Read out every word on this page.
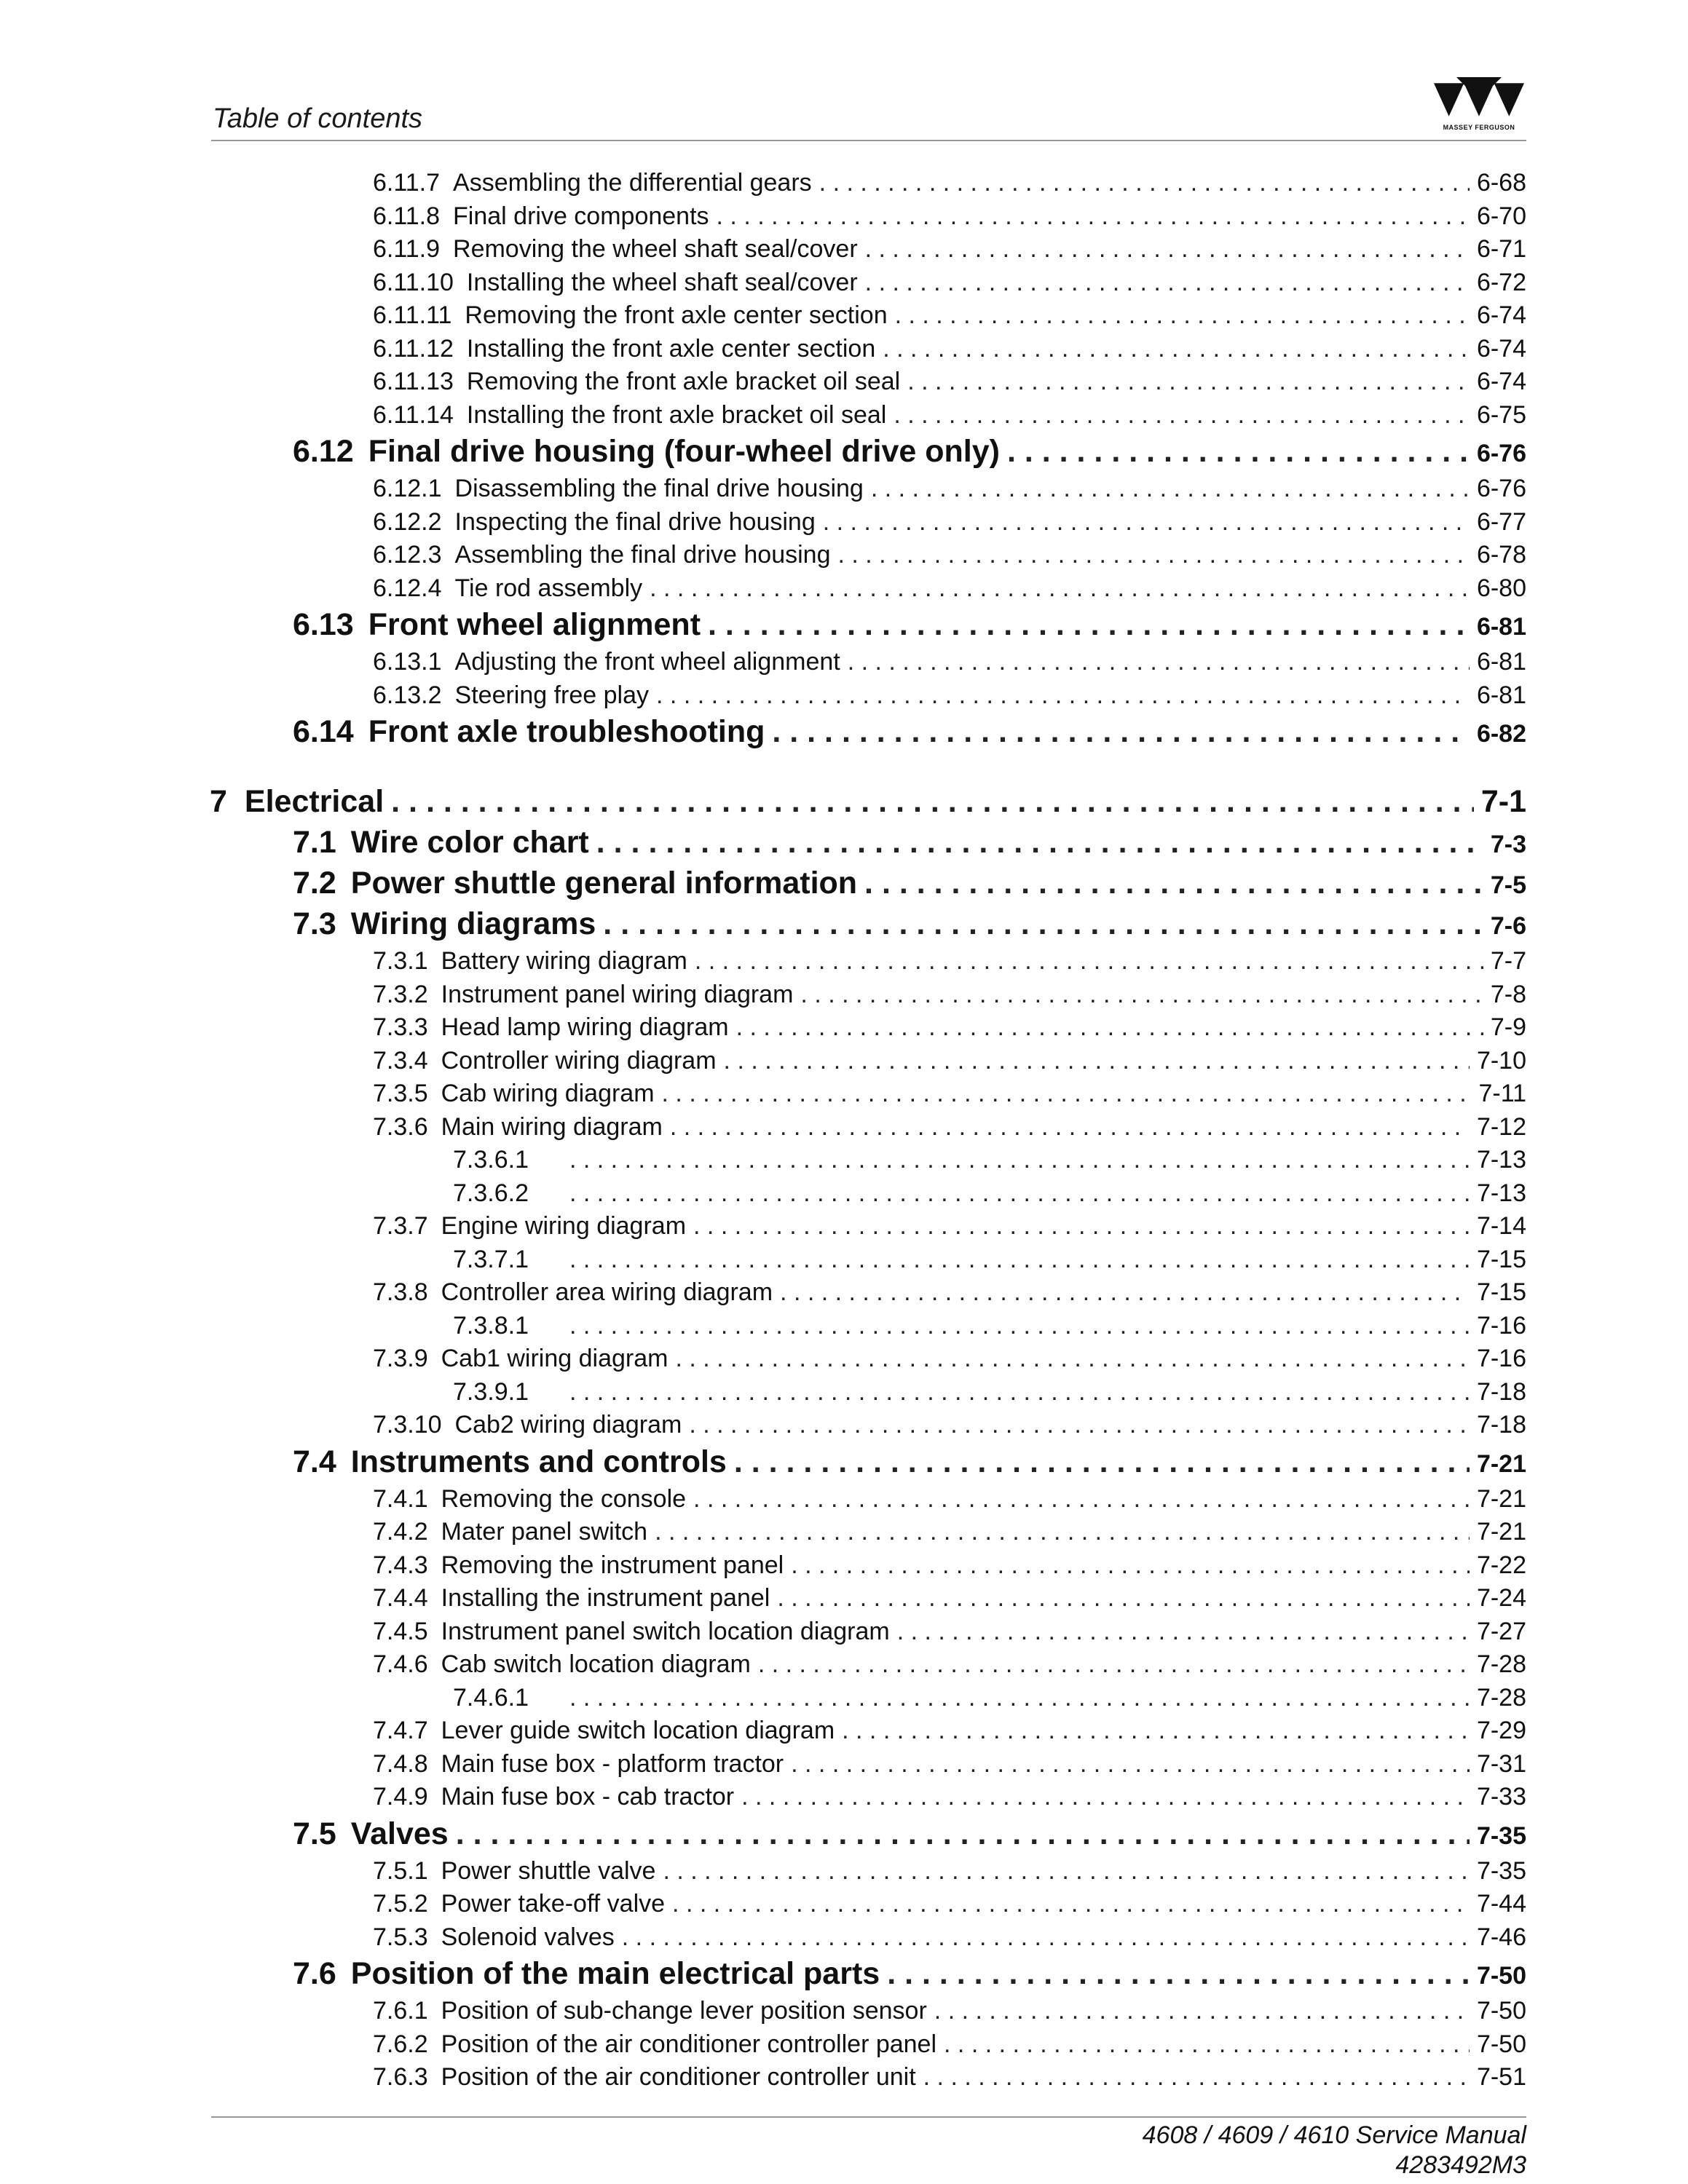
Table of contents	MASSEY FERGUSON
6.11.7 Assembling the differential gears . . .	6-68
6.11.8 Final drive components . . .	6-70
6.11.9 Removing the wheel shaft seal/cover . . .	6-71
6.11.10 Installing the wheel shaft seal/cover . . .	6-72
6.11.11 Removing the front axle center section . . .	6-74
6.11.12 Installing the front axle center section . . .	6-74
6.11.13 Removing the front axle bracket oil seal . . .	6-74
6.11.14 Installing the front axle bracket oil seal . . .	6-75
6.12 Final drive housing (four-wheel drive only) . . .	6-76
6.12.1 Disassembling the final drive housing . . .	6-76
6.12.2 Inspecting the final drive housing . . .	6-77
6.12.3 Assembling the final drive housing . . .	6-78
6.12.4 Tie rod assembly . . .	6-80
6.13 Front wheel alignment . . .	6-81
6.13.1 Adjusting the front wheel alignment . . .	6-81
6.13.2 Steering free play . . .	6-81
6.14 Front axle troubleshooting . . .	6-82
7 Electrical . . .	7-1
7.1 Wire color chart . . .	7-3
7.2 Power shuttle general information . . .	7-5
7.3 Wiring diagrams . . .	7-6
7.3.1 Battery wiring diagram . . .	7-7
7.3.2 Instrument panel wiring diagram . . .	7-8
7.3.3 Head lamp wiring diagram . . .	7-9
7.3.4 Controller wiring diagram . . .	7-10
7.3.5 Cab wiring diagram . . .	7-11
7.3.6 Main wiring diagram . . .	7-12
7.3.6.1 . . .	7-13
7.3.6.2 . . .	7-13
7.3.7 Engine wiring diagram . . .	7-14
7.3.7.1 . . .	7-15
7.3.8 Controller area wiring diagram . . .	7-15
7.3.8.1 . . .	7-16
7.3.9 Cab1 wiring diagram . . .	7-16
7.3.9.1 . . .	7-18
7.3.10 Cab2 wiring diagram . . .	7-18
7.4 Instruments and controls . . .	7-21
7.4.1 Removing the console . . .	7-21
7.4.2 Mater panel switch . . .	7-21
7.4.3 Removing the instrument panel . . .	7-22
7.4.4 Installing the instrument panel . . .	7-24
7.4.5 Instrument panel switch location diagram . . .	7-27
7.4.6 Cab switch location diagram . . .	7-28
7.4.6.1 . . .	7-28
7.4.7 Lever guide switch location diagram . . .	7-29
7.4.8 Main fuse box - platform tractor . . .	7-31
7.4.9 Main fuse box - cab tractor . . .	7-33
7.5 Valves . . .	7-35
7.5.1 Power shuttle valve . . .	7-35
7.5.2 Power take-off valve . . .	7-44
7.5.3 Solenoid valves . . .	7-46
7.6 Position of the main electrical parts . . .	7-50
7.6.1 Position of sub-change lever position sensor . . .	7-50
7.6.2 Position of the air conditioner controller panel . . .	7-50
7.6.3 Position of the air conditioner controller unit . . .	7-51
4608 / 4609 / 4610 Service Manual
4283492M3
